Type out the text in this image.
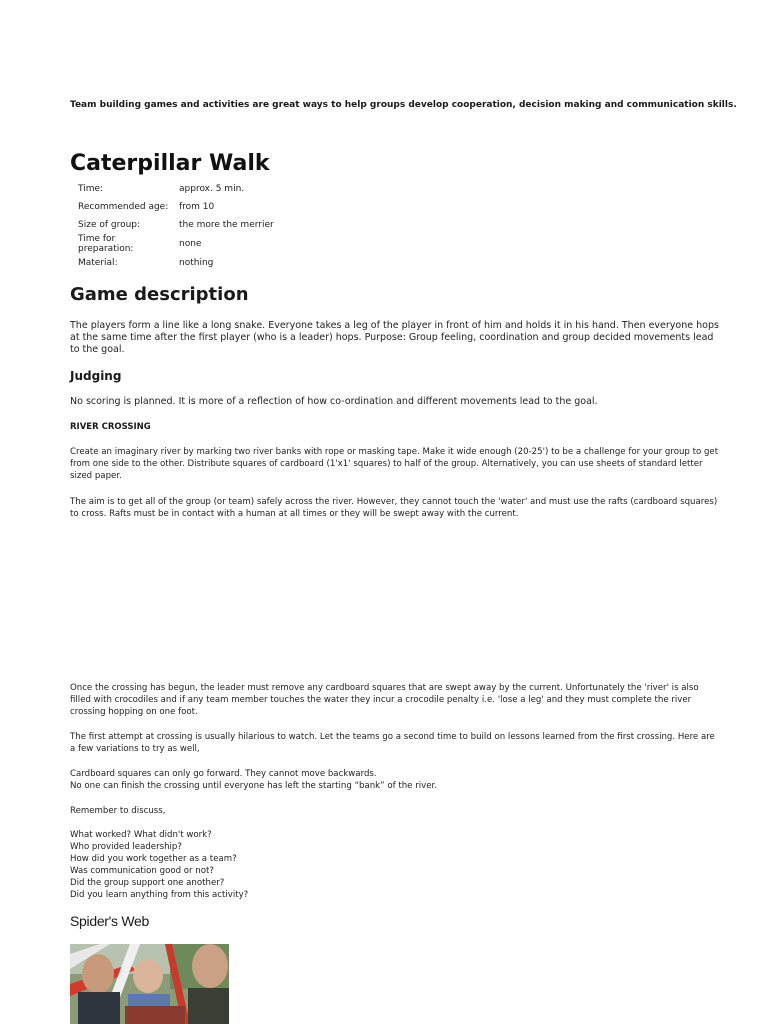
Team building games and activities are great ways to help groups develop cooperation, decision making and communication skills.
Caterpillar Walk
Time:	approx. 5 min.
Recommended age:	from 10
Size of group:	the more the merrier
Time for preparation:	none
Material:	nothing
Game description

The players form a line like a long snake. Everyone takes a leg of the player in front of him and holds it in his hand. Then everyone hops at the same time after the first player (who is a leader) hops. Purpose: Group feeling, coordination and group decided movements lead to the goal.

Judging

No scoring is planned. It is more of a reflection of how co-ordination and different movements lead to the goal.

RIVER CROSSING

Create an imaginary river by marking two river banks with rope or masking tape. Make it wide enough (20-25') to be a challenge for your group to get from one side to the other. Distribute squares of cardboard (1'x1' squares) to half of the group. Alternatively, you can use sheets of standard letter sized paper.

The aim is to get all of the group (or team) safely across the river. However, they cannot touch the 'water' and must use the rafts (cardboard squares) to cross. Rafts must be in contact with a human at all times or they will be swept away with the current.

Once the crossing has begun, the leader must remove any cardboard squares that are swept away by the current. Unfortunately the 'river' is also filled with crocodiles and if any team member touches the water they incur a crocodile penalty i.e. 'lose a leg' and they must complete the river crossing hopping on one foot.

The first attempt at crossing is usually hilarious to watch. Let the teams go a second time to build on lessons learned from the first crossing. Here are a few variations to try as well,

Cardboard squares can only go forward. They cannot move backwards.

No one can finish the crossing until everyone has left the starting “bank” of the river.

Remember to discuss,

What worked? What didn't work?

Who provided leadership?

How did you work together as a team?

Was communication good or not?

Did the group support one another?

Did you learn anything from this activity?

Spider's Web
